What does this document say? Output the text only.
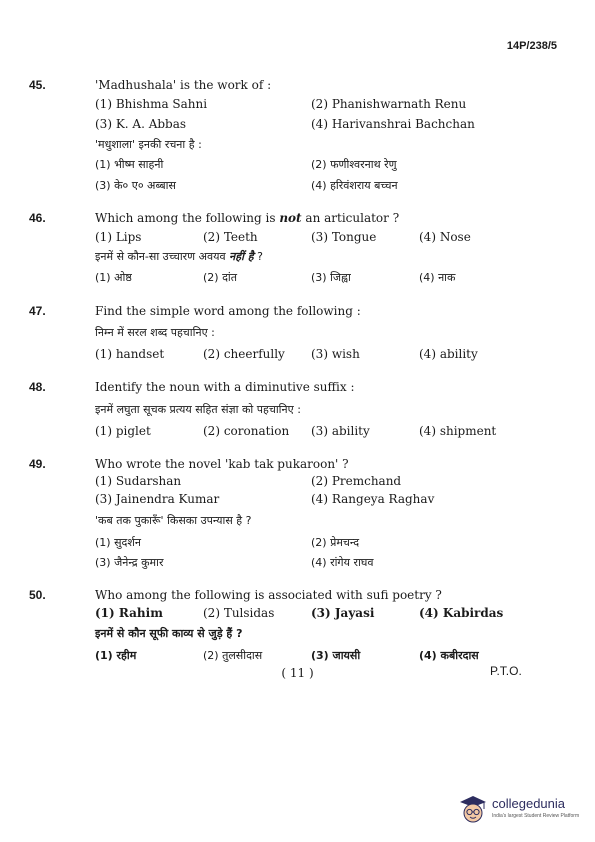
14P/238/5
45.	'Madhushala' is the work of :
(1) Bhishma Sahni	(2) Phanishwarnath Renu
(3) K. A. Abbas	(4) Harivanshrai Bachchan
'मधुशाला' इनकी रचना है :
(1) भीष्म साहनी	(2) फणीश्वरनाथ रेणु
(3) के० ए० अब्बास	(4) हरिवंशराय बच्चन
46.	Which among the following is not an articulator ?
(1) Lips	(2) Teeth	(3) Tongue	(4) Nose
इनमें से कौन-सा उच्चारण अवयव नहीं है ?
(1) ओष्ठ	(2) दांत	(3) जिह्वा	(4) नाक
47.	Find the simple word among the following :
निम्न में सरल शब्द पहचानिए :
(1) handset	(2) cheerfully (3) wish	(4) ability
48.	Identify the noun with a diminutive suffix :
इनमें लघुता सूचक प्रत्यय सहित संज्ञा को पहचानिए :
(1) piglet	(2) coronation (3) ability	(4) shipment
49.	Who wrote the novel 'kab tak pukaroon' ?
(1) Sudarshan	(2) Premchand
(3) Jainendra Kumar	(4) Rangeya Raghav
'कब तक पुकारूँ' किसका उपन्यास है ?
(1) सुदर्शन	(2) प्रेमचन्द
(3) जैनेन्द्र कुमार	(4) रांगेय राघव
50.	Who among the following is associated with sufi poetry ?
(1) Rahim	(2) Tulsidas	(3) Jayasi	(4) Kabirdas
इनमें से कौन सूफी काव्य से जुड़े हैं ?
(1) रहीम	(2) तुलसीदास	(3) जायसी	(4) कबीरदास
( 11 )	P.T.O.
collegedunia
India's largest Student Review Platform
